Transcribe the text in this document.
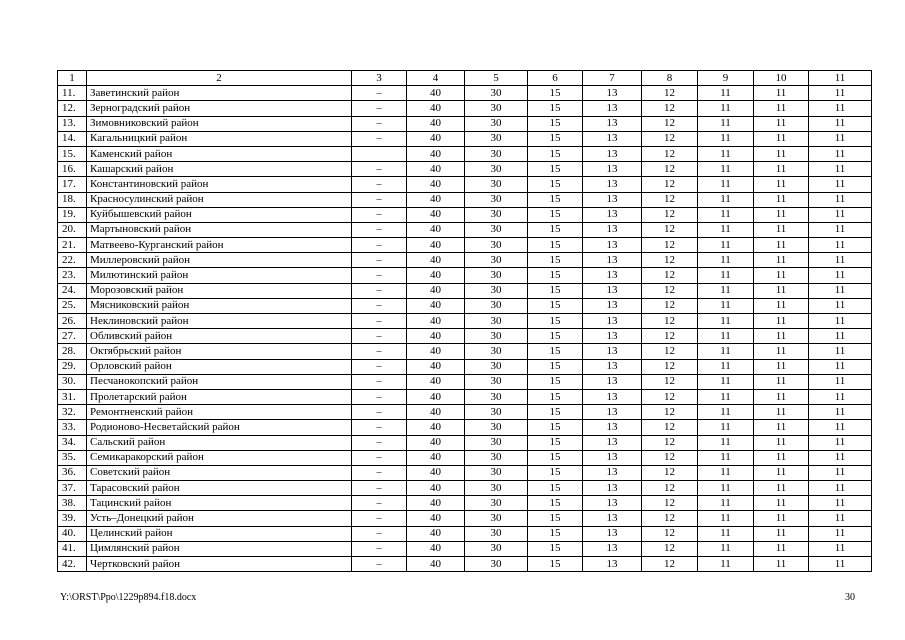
1	2	3	4	5	6	7	8	9	10	11
11.	Заветинский район	–	40	30	15	13	12	11	11	11
12.	Зерноградский район	–	40	30	15	13	12	11	11	11
13.	Зимовниковский район	–	40	30	15	13	12	11	11	11
14.	Кагальницкий район	–	40	30	15	13	12	11	11	11
15.	Каменский район		40	30	15	13	12	11	11	11
16.	Кашарский район	–	40	30	15	13	12	11	11	11
17.	Константиновский район	–	40	30	15	13	12	11	11	11
18.	Красносулинский район	–	40	30	15	13	12	11	11	11
19.	Куйбышевский район	–	40	30	15	13	12	11	11	11
20.	Мартыновский район	–	40	30	15	13	12	11	11	11
21.	Матвеево-Курганский район	–	40	30	15	13	12	11	11	11
22.	Миллеровский район	–	40	30	15	13	12	11	11	11
23.	Милютинский район	–	40	30	15	13	12	11	11	11
24.	Морозовский район	–	40	30	15	13	12	11	11	11
25.	Мясниковский район	–	40	30	15	13	12	11	11	11
26.	Неклиновский район	–	40	30	15	13	12	11	11	11
27.	Обливский район	–	40	30	15	13	12	11	11	11
28.	Октябрьский район	–	40	30	15	13	12	11	11	11
29.	Орловский район	–	40	30	15	13	12	11	11	11
30.	Песчанокопский район	–	40	30	15	13	12	11	11	11
31.	Пролетарский район	–	40	30	15	13	12	11	11	11
32.	Ремонтненский район	–	40	30	15	13	12	11	11	11
33.	Родионово-Несветайский район	–	40	30	15	13	12	11	11	11
34.	Сальский район	–	40	30	15	13	12	11	11	11
35.	Семикаракорский район	–	40	30	15	13	12	11	11	11
36.	Советский район	–	40	30	15	13	12	11	11	11
37.	Тарасовский район	–	40	30	15	13	12	11	11	11
38.	Тацинский район	–	40	30	15	13	12	11	11	11
39.	Усть–Донецкий район	–	40	30	15	13	12	11	11	11
40.	Целинский район	–	40	30	15	13	12	11	11	11
41.	Цимлянский район	–	40	30	15	13	12	11	11	11
42.	Чертковский район	–	40	30	15	13	12	11	11	11
Y:\ORST\Ppo\1229p894.f18.docx	30
